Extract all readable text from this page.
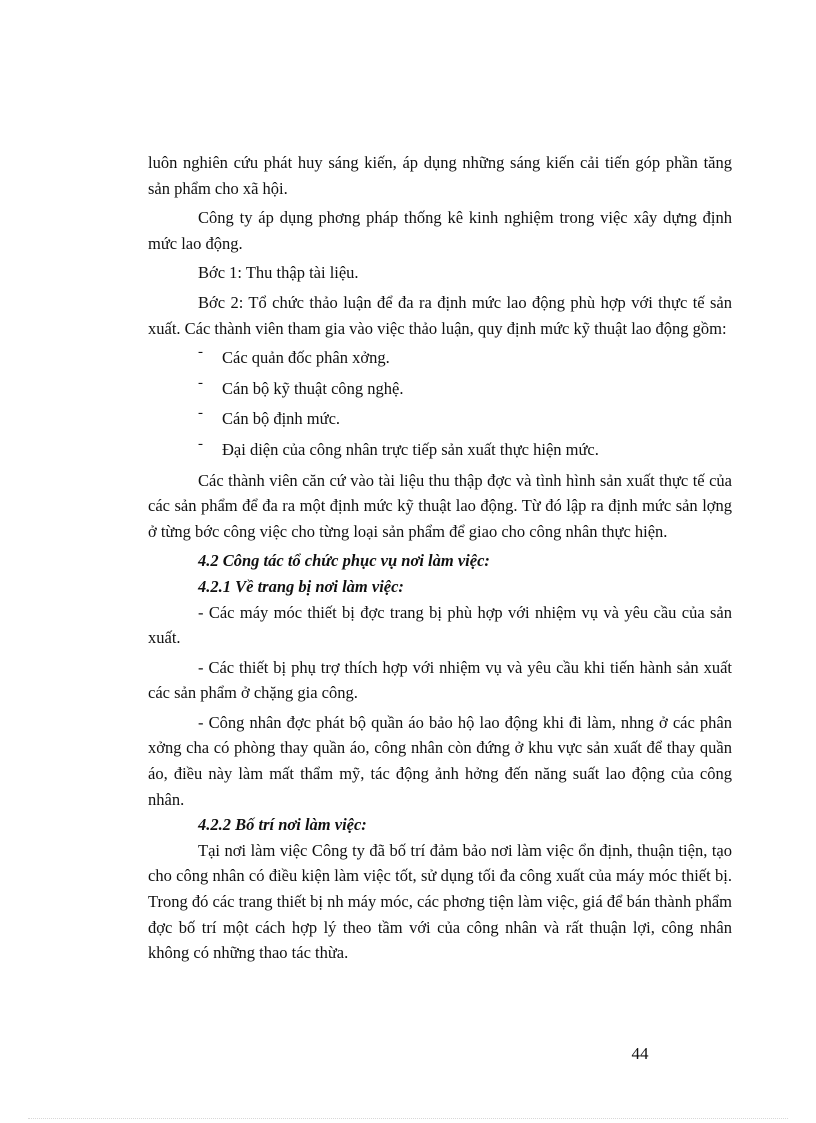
luôn nghiên cứu phát huy sáng kiến, áp dụng những sáng kiến cải tiến góp phần tăng sản phẩm cho xã hội.

Công ty áp dụng phơng pháp thống kê kinh nghiệm trong việc xây dựng định mức lao động.

Bớc 1: Thu thập tài liệu.

Bớc 2: Tổ chức thảo luận để đa ra định mức lao động phù hợp với thực tế sản xuất. Các thành viên tham gia vào việc thảo luận, quy định mức kỹ thuật lao động gồm:

- Các quản đốc phân xởng.
- Cán bộ kỹ thuật công nghệ.
- Cán bộ định mức.
- Đại diện của công nhân trực tiếp sản xuất thực hiện mức.

Các thành viên căn cứ vào tài liệu thu thập đợc và tình hình sản xuất thực tế của các sản phẩm để đa ra một định mức kỹ thuật lao động. Từ đó lập ra định mức sản lợng ở từng bớc công việc cho từng loại sản phẩm để giao cho công nhân thực hiện.

4.2 Công tác tổ chức phục vụ nơi làm việc:

4.2.1 Về trang bị nơi làm việc:

- Các máy móc thiết bị đợc trang bị phù hợp với nhiệm vụ và yêu cầu của sản xuất.

- Các thiết bị phụ trợ thích hợp với nhiệm vụ và yêu cầu khi tiến hành sản xuất các sản phẩm ở chặng gia công.

- Công nhân đợc phát bộ quần áo bảo hộ lao động khi đi làm, nhng ở các phân xởng cha có phòng thay quần áo, công nhân còn đứng ở khu vực sản xuất để thay quần áo, điều này làm mất thẩm mỹ, tác động ảnh hởng đến năng suất lao động của công nhân.

4.2.2 Bố trí nơi làm việc:

Tại nơi làm việc Công ty đã bố trí đảm bảo nơi làm việc ổn định, thuận tiện, tạo cho công nhân có điều kiện làm việc tốt, sử dụng tối đa công xuất của máy móc thiết bị. Trong đó các trang thiết bị nh máy móc, các phơng tiện làm việc, giá để bán thành phẩm đợc bố trí một cách hợp lý theo tầm với của công nhân và rất thuận lợi, công nhân không có những thao tác thừa.

44
